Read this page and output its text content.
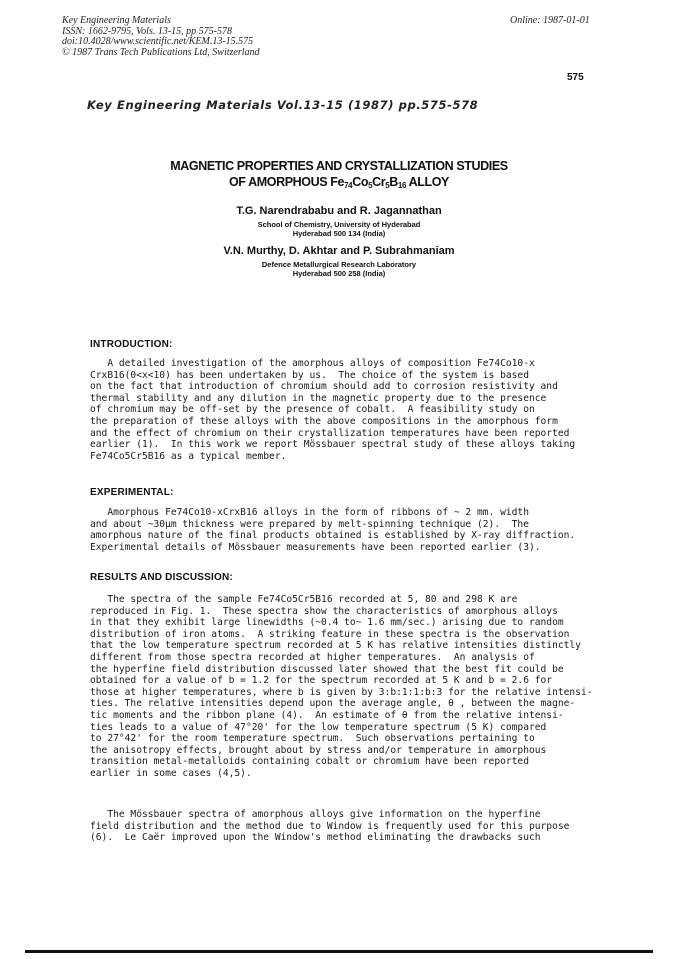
Key Engineering Materials
ISSN: 1662-9795, Vols. 13-15, pp 575-578
doi:10.4028/www.scientific.net/KEM.13-15.575
© 1987 Trans Tech Publications Ltd, Switzerland
Online: 1987-01-01
575
Key Engineering Materials Vol.13-15 (1987) pp.575-578
MAGNETIC PROPERTIES AND CRYSTALLIZATION STUDIES
OF AMORPHOUS $Fe_{74}Co_5Cr_5B_{16}$ ALLOY
T.G. Narendrababu and R. Jagannathan
School of Chemistry, University of Hyderabad
Hyderabad 500 134 (India)
V.N. Murthy, D. Akhtar and P. Subrahmaniam
Defence Metallurgical Research Laboratory
Hyderabad 500 258 (India)
INTRODUCTION:
A detailed investigation of the amorphous alloys of composition Fe74Co10-x
CrxB16(0<x<10) has been undertaken by us.  The choice of the system is based
on the fact that introduction of chromium should add to corrosion resistivity and
thermal stability and any dilution in the magnetic property due to the presence
of chromium may be off-set by the presence of cobalt.  A feasibility study on
the preparation of these alloys with the above compositions in the amorphous form
and the effect of chromium on their crystallization temperatures have been reported
earlier (1).  In this work we report Mössbauer spectral study of these alloys taking
Fe74Co5Cr5B16 as a typical member.
EXPERIMENTAL:
Amorphous Fe74Co10-xCrxB16 alloys in the form of ribbons of ~ 2 mm. width
and about ~30µm thickness were prepared by melt-spinning technique (2).  The
amorphous nature of the final products obtained is established by X-ray diffraction.
Experimental details of Mössbauer measurements have been reported earlier (3).
RESULTS AND DISCUSSION:
The spectra of the sample Fe74Co5Cr5B16 recorded at 5, 80 and 298 K are
reproduced in Fig. 1.  These spectra show the characteristics of amorphous alloys
in that they exhibit large linewidths (~0.4 to~ 1.6 mm/sec.) arising due to random
distribution of iron atoms.  A striking feature in these spectra is the observation
that the low temperature spectrum recorded at 5 K has relative intensities distinctly
different from those spectra recorded at higher temperatures.  An analysis of
the hyperfine field distribution discussed later showed that the best fit could be
obtained for a value of b = 1.2 for the spectrum recorded at 5 K and b = 2.6 for
those at higher temperatures, where b is given by 3:b:1:1:b:3 for the relative intensi-
ties. The relative intensities depend upon the average angle, θ , between the magne-
tic moments and the ribbon plane (4).  An estimate of θ from the relative intensi-
ties leads to a value of 47°20' for the low temperature spectrum (5 K) compared
to 27°42' for the room temperature spectrum.  Such observations pertaining to
the anisotropy effects, brought about by stress and/or temperature in amorphous
transition metal-metalloids containing cobalt or chromium have been reported
earlier in some cases (4,5).
The Mössbauer spectra of amorphous alloys give information on the hyperfine
field distribution and the method due to Window is frequently used for this purpose
(6).  Le Caër improved upon the Window's method eliminating the drawbacks such
